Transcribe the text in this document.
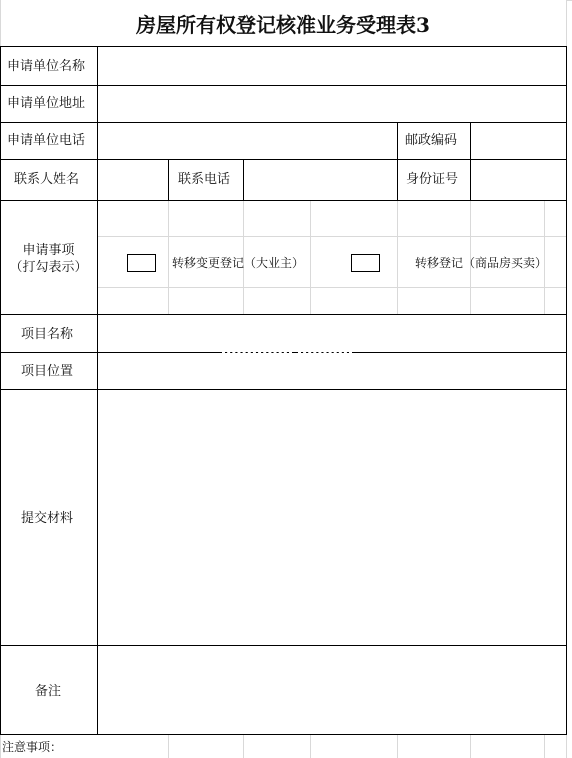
房屋所有权登记核准业务受理表3
申请单位名称
申请单位地址
申请单位电话	邮政编码
联系人姓名	联系电话	身份证号
申请事项
（打勾表示）	转移变更登记（大业主）	转移登记（商品房买卖）
项目名称
项目位置
提交材料
备注
注意事项：
